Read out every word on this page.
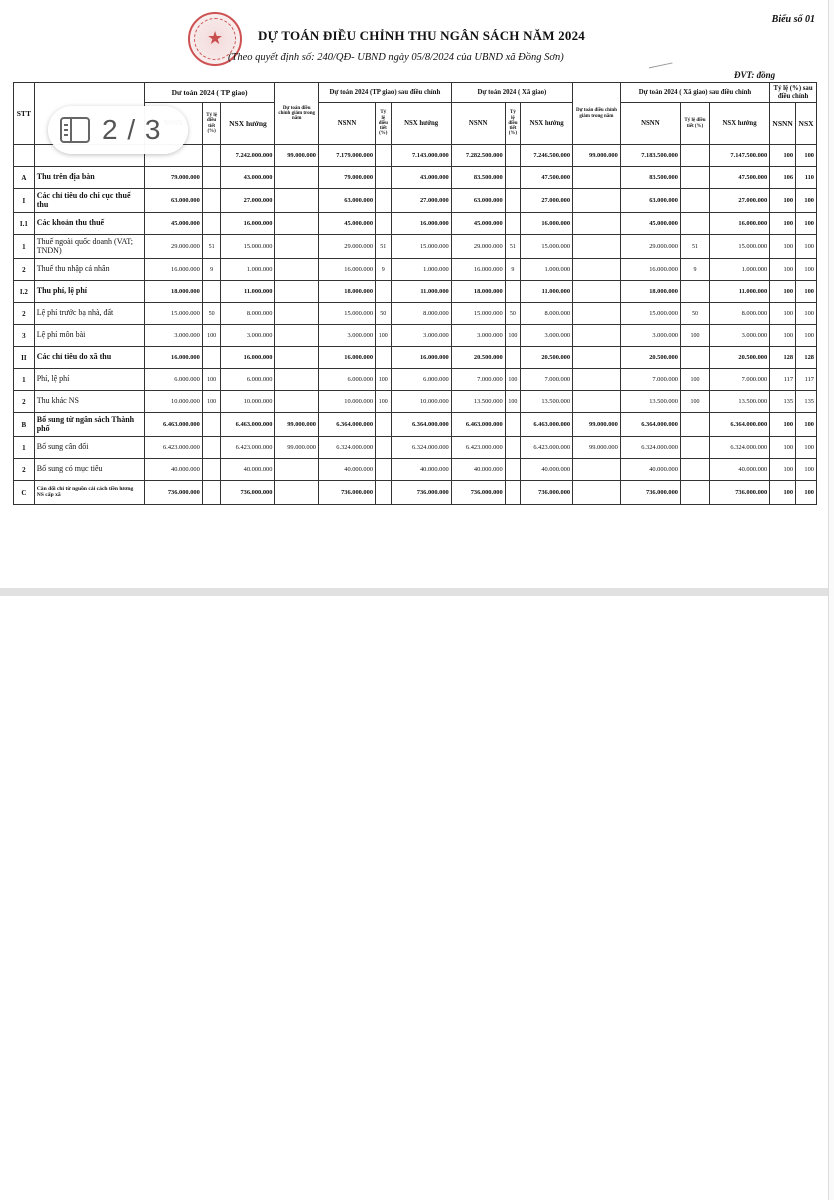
Biểu số 01
★	DỰ TOÁN ĐIỀU CHỈNH THU NGÂN SÁCH NĂM 2024
(Theo quyết định số: 240/QĐ- UBND ngày 05/8/2024 của UBND xã Đồng Sơn)
ĐVT: đồng
STT		Dư toán 2024 ( TP giao)			Dự toán điều chỉnh giảm trong năm	Dự toán 2024 (TP giao) sau điều chỉnh			Dự toán 2024 ( Xã giao)			Dự toán điều chỉnh giảm trong năm	Dự toán 2024 ( Xã giao) sau điều chỉnh			Tỷ lệ (%) sau điều chỉnh	
	Tỷ lệ điều tiết (%)	NSX hưởng		NSNN	Tỷ lệ điều tiết (%)	NSX hưởng	NSNN	Tỷ lệ điều tiết (%)	NSX hưởng		NSNN	Tỷ lệ điều tiết (%)	NSX hưởng	NSNN	NSX
				7.242.000.000	99.000.000	7.179.000.000		7.143.000.000	7.282.500.000		7.246.500.000	99.000.000	7.183.500.000		7.147.500.000	100	100
A	Thu trên địa bàn	79.000.000		43.000.000		79.000.000		43.000.000	83.500.000		47.500.000		83.500.000		47.500.000	106	110
I	Các chỉ tiêu do chi cục thuế thu	63.000.000		27.000.000		63.000.000		27.000.000	63.000.000		27.000.000		63.000.000		27.000.000	100	100
I.1	Các khoản thu thuế	45.000.000		16.000.000		45.000.000		16.000.000	45.000.000		16.000.000		45.000.000		16.000.000	100	100
1	Thuế ngoài quốc doanh (VAT; TNDN)	29.000.000	51	15.000.000		29.000.000	51	15.000.000	29.000.000	51	15.000.000		29.000.000	51	15.000.000	100	100
2	Thuế thu nhập cá nhân	16.000.000	9	1.000.000		16.000.000	9	1.000.000	16.000.000	9	1.000.000		16.000.000	9	1.000.000	100	100
I.2	Thu phí, lệ phí	18.000.000		11.000.000		18.000.000		11.000.000	18.000.000		11.000.000		18.000.000		11.000.000	100	100
2	Lệ phí trước bạ nhà, đất	15.000.000	50	8.000.000		15.000.000	50	8.000.000	15.000.000	50	8.000.000		15.000.000	50	8.000.000	100	100
3	Lệ phí môn bài	3.000.000	100	3.000.000		3.000.000	100	3.000.000	3.000.000	100	3.000.000		3.000.000	100	3.000.000	100	100
II	Các chỉ tiêu do xã thu	16.000.000		16.000.000		16.000.000		16.000.000	20.500.000		20.500.000		20.500.000		20.500.000	128	128
1	Phí, lệ phí	6.000.000	100	6.000.000		6.000.000	100	6.000.000	7.000.000	100	7.000.000		7.000.000	100	7.000.000	117	117
2	Thu khác NS	10.000.000	100	10.000.000		10.000.000	100	10.000.000	13.500.000	100	13.500.000		13.500.000	100	13.500.000	135	135
B	Bổ sung từ ngân sách Thành phố	6.463.000.000		6.463.000.000	99.000.000	6.364.000.000		6.364.000.000	6.463.000.000		6.463.000.000	99.000.000	6.364.000.000		6.364.000.000	100	100
1	Bổ sung cân đối	6.423.000.000		6.423.000.000	99.000.000	6.324.000.000		6.324.000.000	6.423.000.000		6.423.000.000	99.000.000	6.324.000.000		6.324.000.000	100	100
2	Bổ sung có mục tiêu	40.000.000		40.000.000		40.000.000		40.000.000	40.000.000		40.000.000		40.000.000		40.000.000	100	100
C	Cân đối chi từ nguồn cải cách tiền lương NS cấp xã	736.000.000		736.000.000		736.000.000		736.000.000	736.000.000		736.000.000		736.000.000		736.000.000	100	100
2 / 3
